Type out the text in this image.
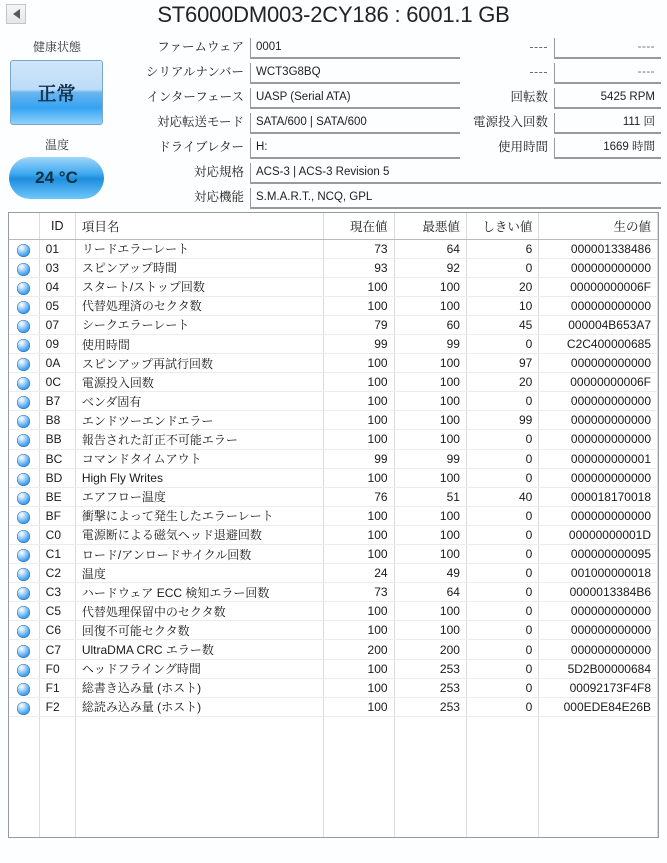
ST6000DM003-2CY186 : 6001.1 GB
健康状態
正常
温度
24 °C
ファームウェア	0001
シリアルナンバー	WCT3G8BQ
インターフェース	UASP (Serial ATA)
対応転送モード	SATA/600 | SATA/600
ドライブレター	H:
対応規格	ACS-3 | ACS-3 Revision 5
対応機能	S.M.A.R.T., NCQ, GPL
----	----
----	----
回転数	5425 RPM
電源投入回数	111 回
使用時間	1669 時間
	ID	項目名	現在値	最悪値	しきい値	生の値

	01	リードエラーレート	73	64	6	000001338486

	03	スピンアップ時間	93	92	0	000000000000

	04	スタート/ストップ回数	100	100	20	00000000006F

	05	代替処理済のセクタ数	100	100	10	000000000000

	07	シークエラーレート	79	60	45	000004B653A7

	09	使用時間	99	99	0	C2C400000685

	0A	スピンアップ再試行回数	100	100	97	000000000000

	0C	電源投入回数	100	100	20	00000000006F

	B7	ベンダ固有	100	100	0	000000000000

	B8	エンドツーエンドエラー	100	100	99	000000000000

	BB	報告された訂正不可能エラー	100	100	0	000000000000

	BC	コマンドタイムアウト	99	99	0	000000000001

	BD	High Fly Writes	100	100	0	000000000000

	BE	エアフロー温度	76	51	40	000018170018

	BF	衝撃によって発生したエラーレート	100	100	0	000000000000

	C0	電源断による磁気ヘッド退避回数	100	100	0	00000000001D

	C1	ロード/アンロードサイクル回数	100	100	0	000000000095

	C2	温度	24	49	0	001000000018

	C3	ハードウェア ECC 検知エラー回数	73	64	0	0000013384B6

	C5	代替処理保留中のセクタ数	100	100	0	000000000000

	C6	回復不可能セクタ数	100	100	0	000000000000

	C7	UltraDMA CRC エラー数	200	200	0	000000000000

	F0	ヘッドフライング時間	100	253	0	5D2B00000684

	F1	総書き込み量 (ホスト)	100	253	0	00092173F4F8

	F2	総読み込み量 (ホスト)	100	253	0	000EDE84E26B
